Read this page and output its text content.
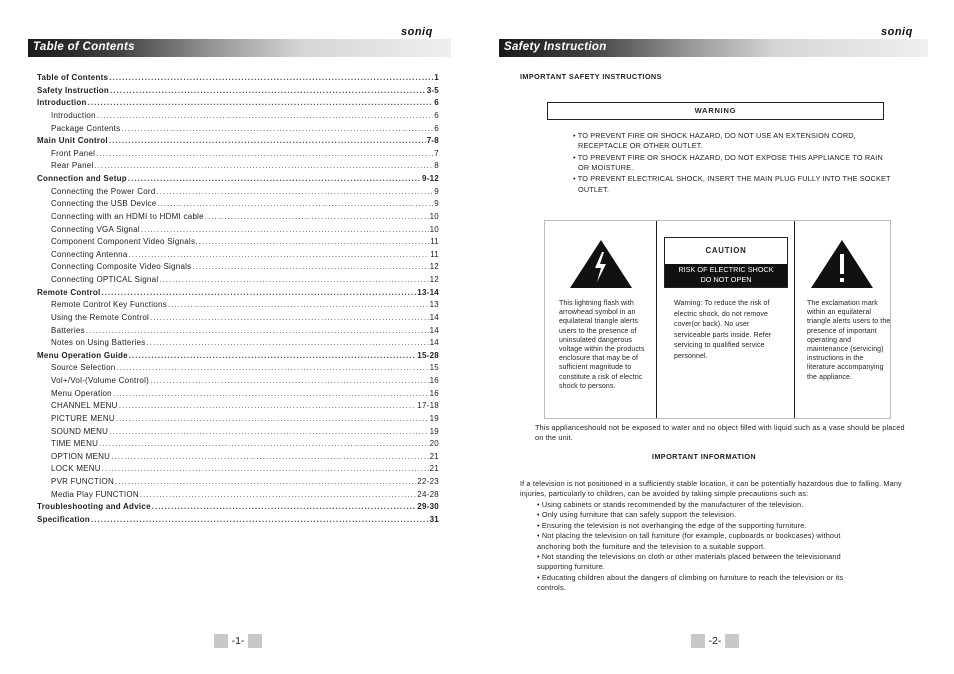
soniq
Table of Contents
Table of Contents .....	1
Safety Instruction .....	3-5
Introduction .....	6
Introduction .....	6
Package Contents .....	6
Main Unit Control .....	7-8
Front Panel .....	7
Rear Panel .....	8
Connection and Setup .....	9-12
Connecting the Power Cord .....	9
Connecting the USB Device .....	9
Connecting with an HDMI to HDMI cable .....	10
Connecting VGA Signal .....	10
Component Component Video Signals. .....	11
Connecting Antenna .....	11
Connecting Composite Video Signals .....	12
Connecting OPTICAL Signal .....	12
Remote Control .....	13-14
Remote Control Key Functions .....	13
Using the Remote Control .....	14
Batteries .....	14
Notes on Using Batteries .....	14
Menu Operation Guide .....	15-28
Source Selection .....	15
Vol+/Vol-(Volume Control) .....	16
Menu Operation .....	16
CHANNEL MENU .....	17-18
PICTURE MENU .....	19
SOUND MENU .....	19
TIME MENU .....	20
OPTION MENU .....	21
LOCK MENU .....	21
PVR FUNCTION .....	22-23
Media Play FUNCTION .....	24-28
Troubleshooting and Advice .....	29-30
Specification .....	31
-1-
soniq
Safety Instruction
IMPORTANT SAFETY INSTRUCTIONS
WARNING
• TO PREVENT FIRE OR SHOCK HAZARD, DO NOT USE AN EXTENSION CORD, RECEPTACLE OR OTHER OUTLET.
• TO PREVENT FIRE OR SHOCK HAZARD, DO NOT EXPOSE THIS APPLIANCE TO RAIN OR MOISTURE.
• TO PREVENT ELECTRICAL SHOCK, INSERT THE MAIN PLUG FULLY INTO THE SOCKET OUTLET.
This lightning flash with arrowhead symbol in an equilateral triangle alerts users to the presence of uninsulated dangerous voltage within the products enclosure that may be of sufficient magnitude to constitute a risk of electric shock to persons.
CAUTION
RISK OF ELECTRIC SHOCK
DO NOT OPEN
Warning: To reduce the risk of electric shock, do not remove cover(or back). No user serviceable parts inside. Refer servicing to qualified service personnel.
The exclamation mark within an equilateral triangle alerts users to the presence of important operating and maintenance (servicing) instructions in the literature accompanying the appliance.
This applianceshould not be exposed to water and no object filled with liquid such as a vase should be placed on the unit.
IMPORTANT INFORMATION
If a television is not positioned in a sufficiently stable location, it can be potentially hazardous due to falling. Many injuries, particularly to children, can be avoided by taking simple precautions such as:
• Using cabinets or stands recommended by the manufacturer of the television.
• Only using furniture that can safely support the television.
• Ensuring the television is not overhanging the edge of the supporting furniture.
• Not placing the television on tall furniture (for example, cupboards or bookcases) without anchoring both the furniture and the television to a suitable support.
• Not standing the televisions on cloth or other materials placed between the televisionand supporting furniture.
• Educating children about the dangers of climbing on furniture to reach the television or its controls.
-2-
